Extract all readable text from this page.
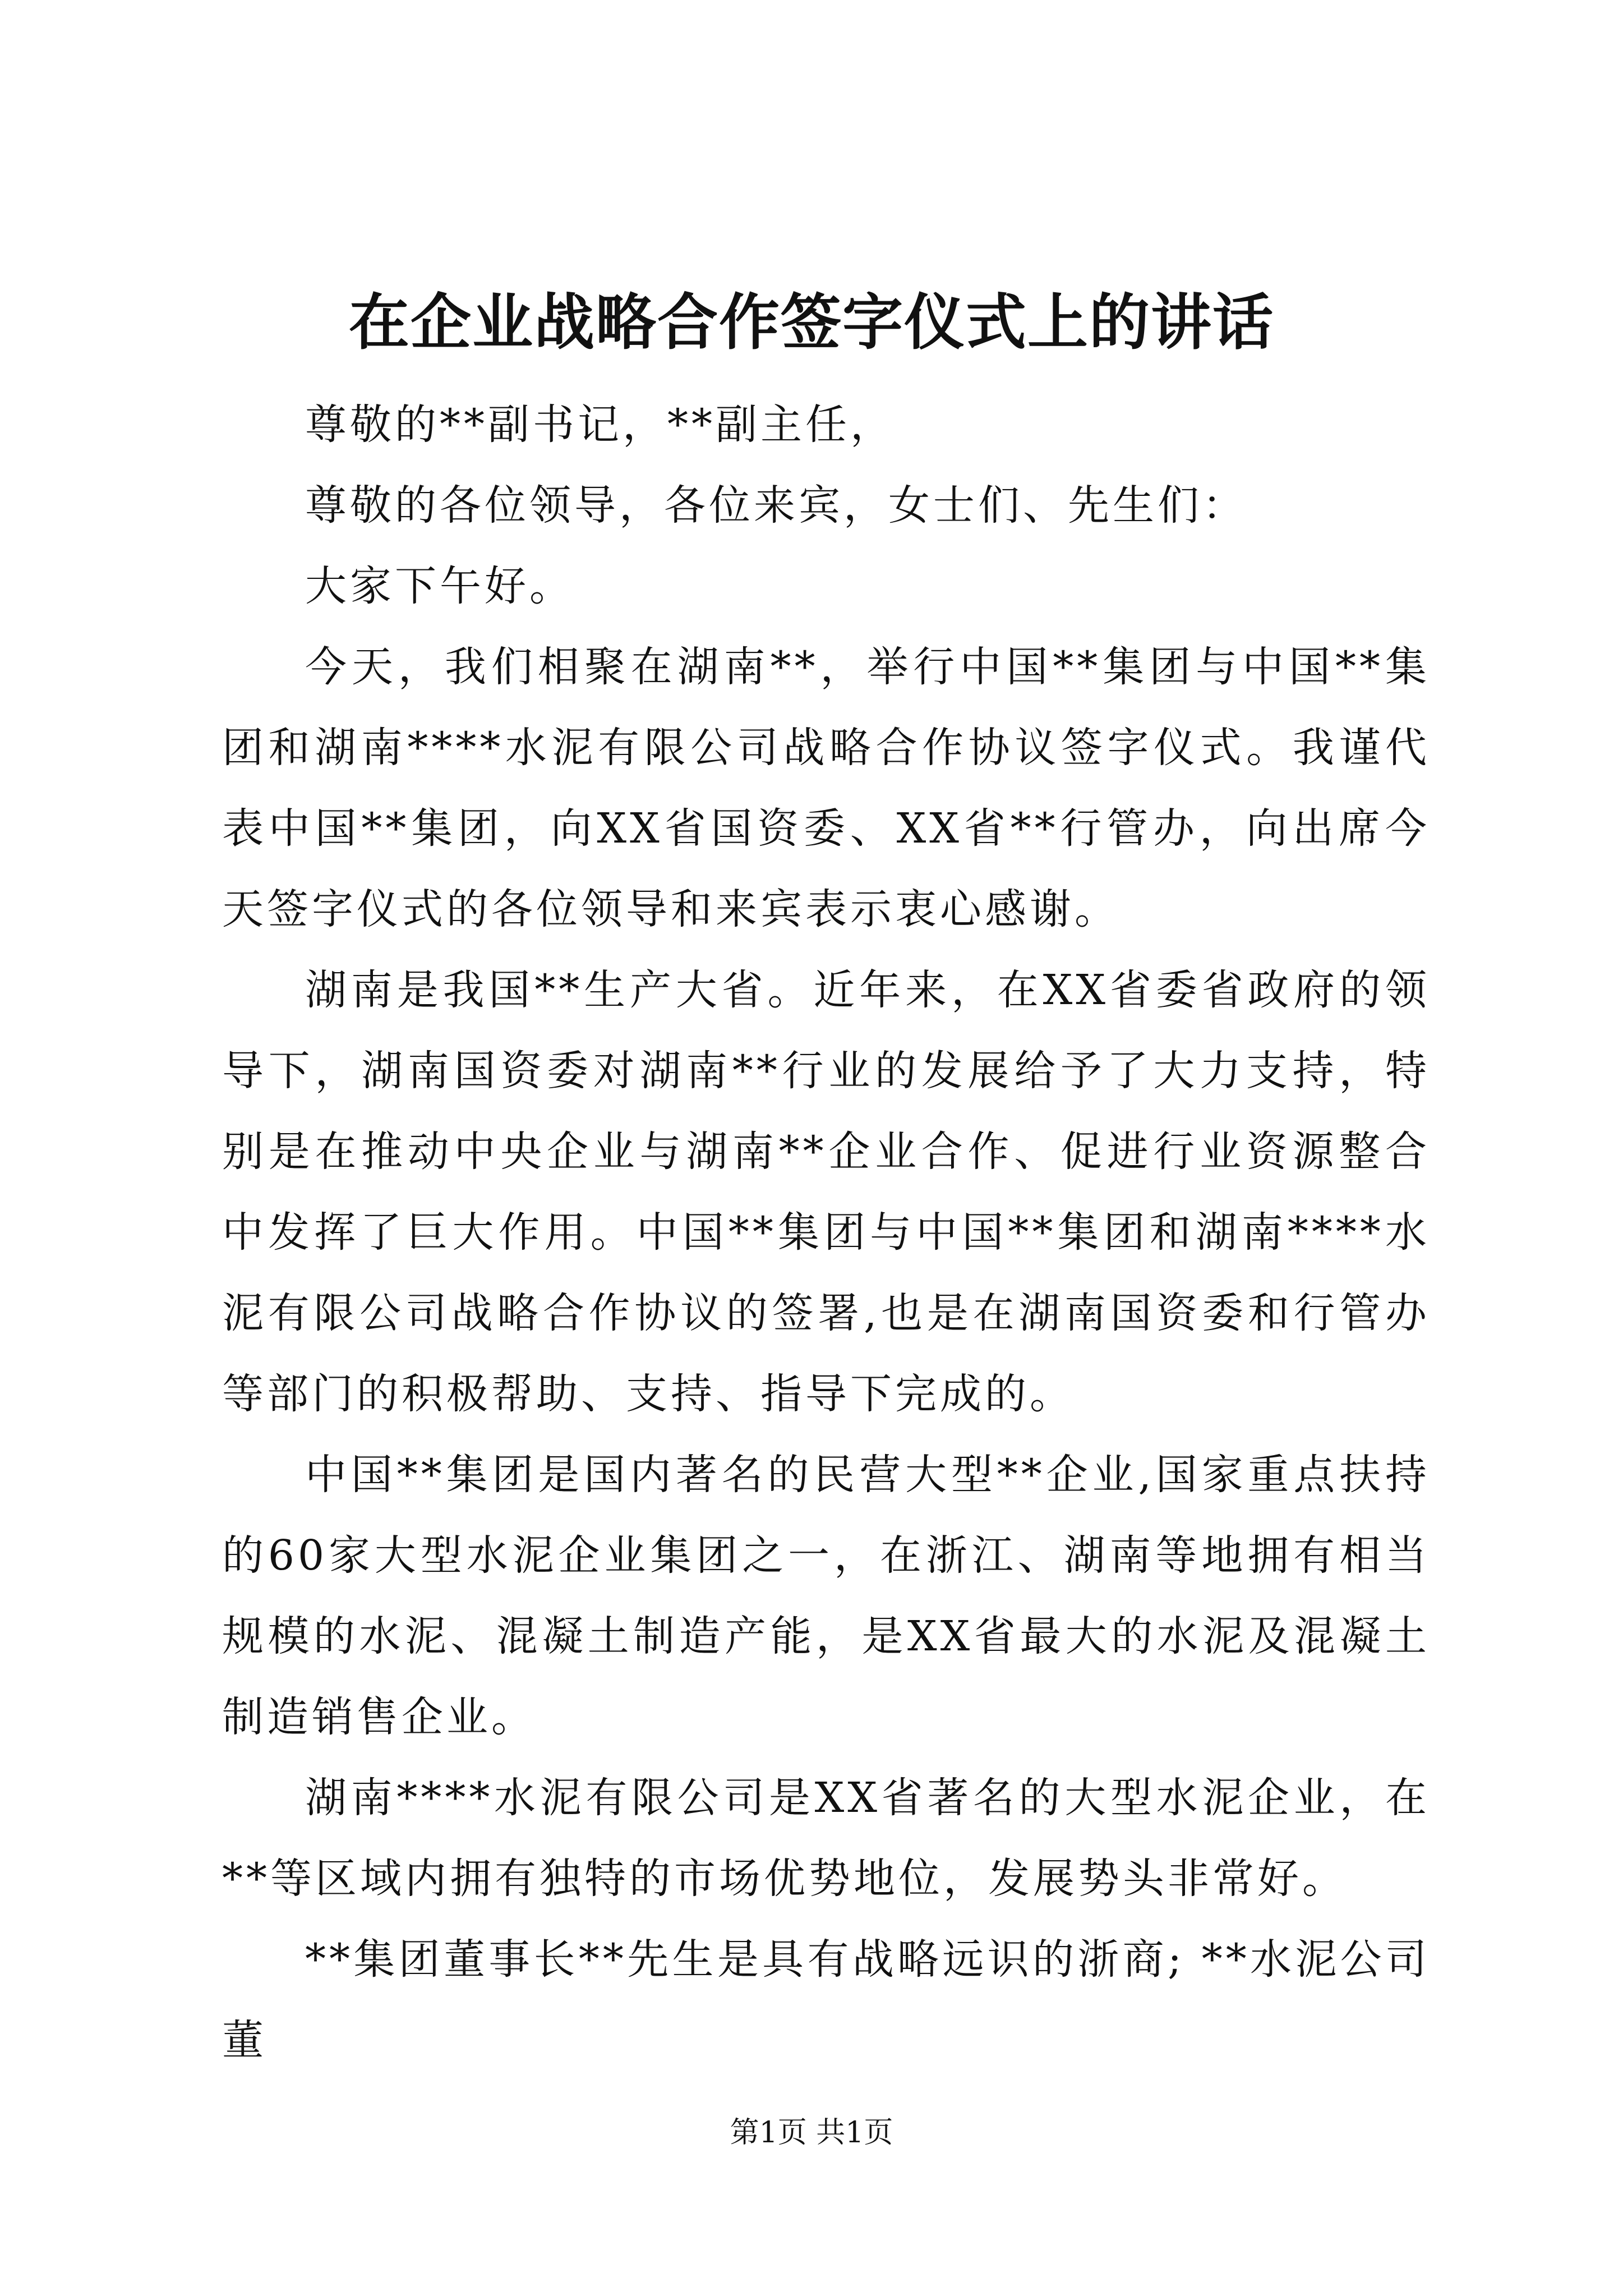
在企业战略合作签字仪式上的讲话

尊敬的**副书记，**副主任，

尊敬的各位领导，各位来宾，女士们、先生们：

大家下午好。

今天，我们相聚在湖南**，举行中国**集团与中国**集团和湖南****水泥有限公司战略合作协议签字仪式。我谨代表中国**集团，向XX省国资委、XX省**行管办，向出席今天签字仪式的各位领导和来宾表示衷心感谢。

湖南是我国**生产大省。近年来，在XX省委省政府的领导下，湖南国资委对湖南**行业的发展给予了大力支持，特别是在推动中央企业与湖南**企业合作、促进行业资源整合中发挥了巨大作用。中国**集团与中国**集团和湖南****水泥有限公司战略合作协议的签署,也是在湖南国资委和行管办等部门的积极帮助、支持、指导下完成的。

中国**集团是国内著名的民营大型**企业,国家重点扶持的60家大型水泥企业集团之一，在浙江、湖南等地拥有相当规模的水泥、混凝土制造产能，是XX省最大的水泥及混凝土制造销售企业。

湖南****水泥有限公司是XX省著名的大型水泥企业，在**等区域内拥有独特的市场优势地位，发展势头非常好。

**集团董事长**先生是具有战略远识的浙商; **水泥公司董

第1页 共1页
